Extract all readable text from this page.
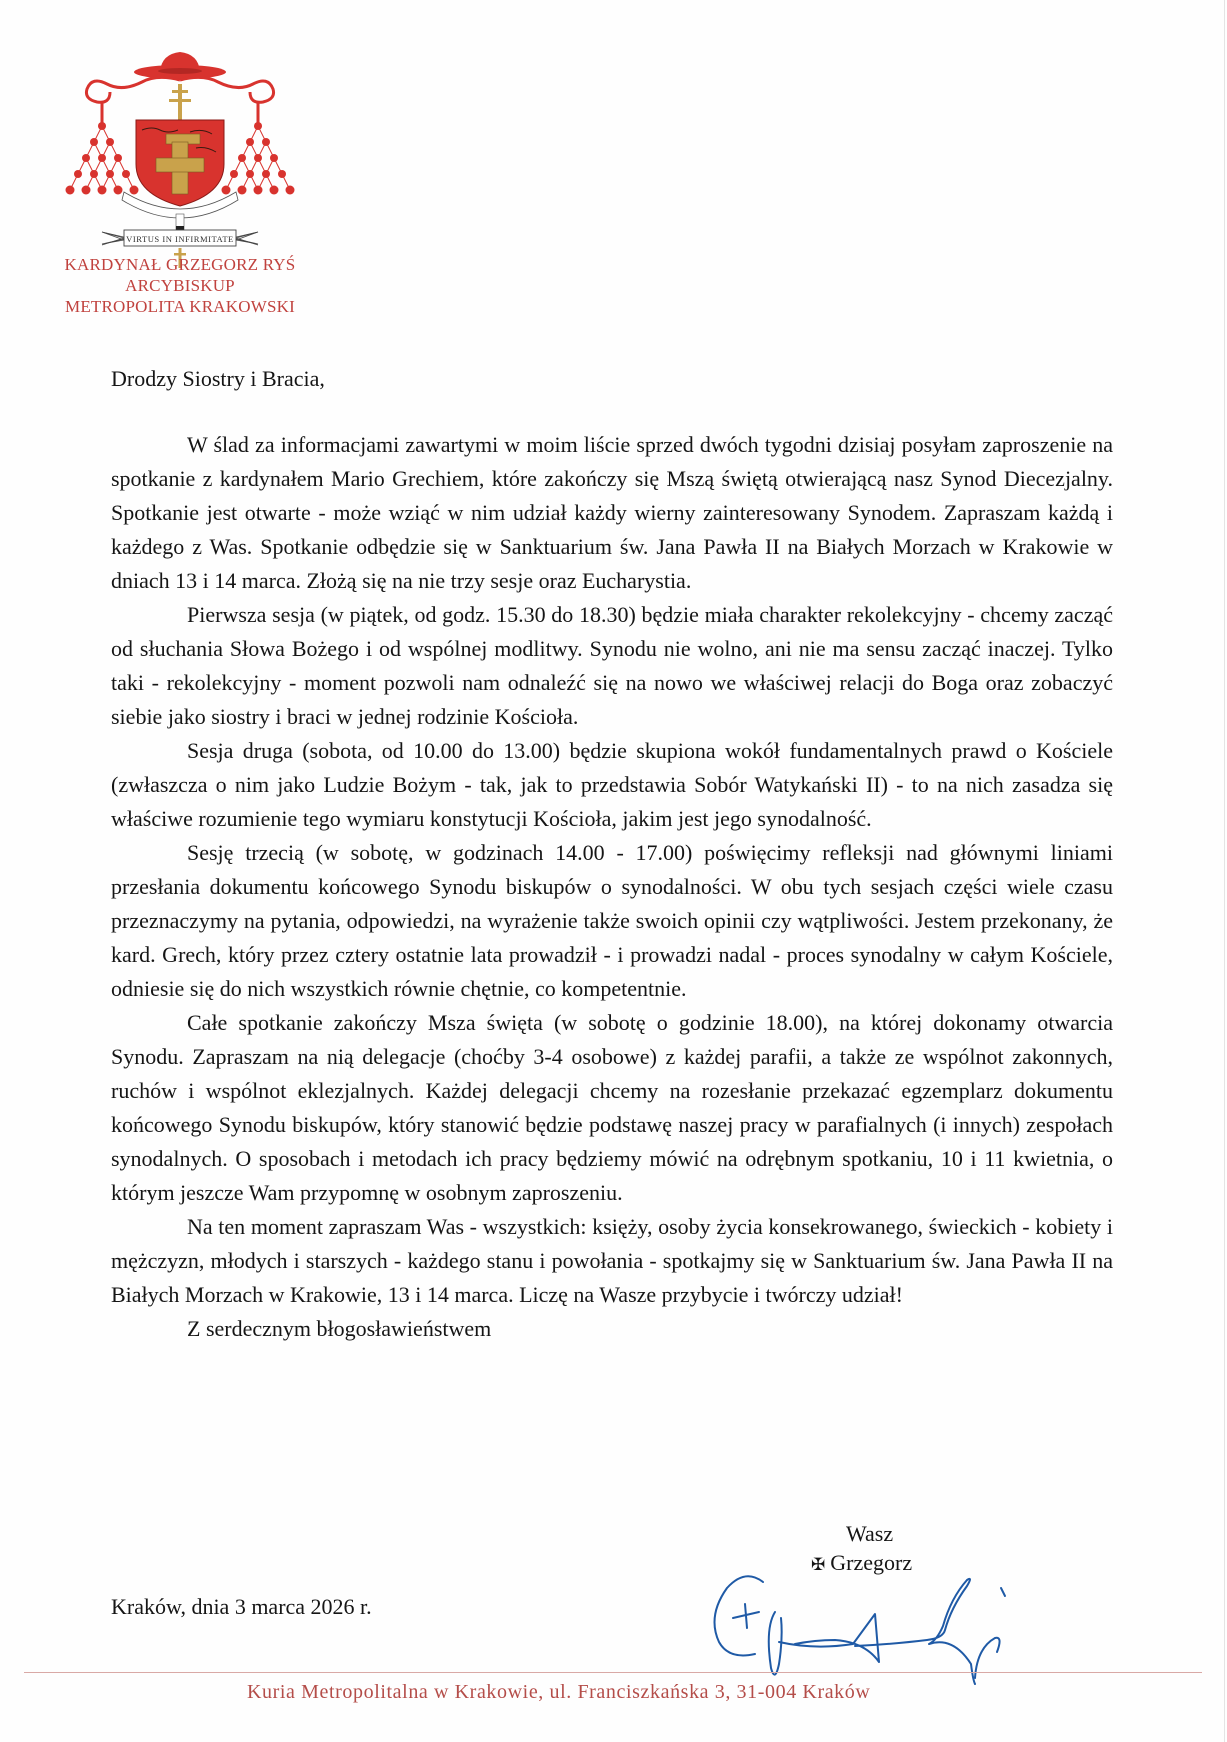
VIRTUS IN INFIRMITATE
KARDYNAŁ GRZEGORZ RYŚ
ARCYBISKUP
METROPOLITA KRAKOWSKI
Drodzy Siostry i Bracia,

W ślad za informacjami zawartymi w moim liście sprzed dwóch tygodni dzisiaj posyłam zaproszenie na spotkanie z kardynałem Mario Grechiem, które zakończy się Mszą świętą otwierającą nasz Synod Diecezjalny. Spotkanie jest otwarte - może wziąć w nim udział każdy wierny zainteresowany Synodem. Zapraszam każdą i każdego z Was. Spotkanie odbędzie się w Sanktuarium św. Jana Pawła II na Białych Morzach w Krakowie w dniach 13 i 14 marca. Złożą się na nie trzy sesje oraz Eucharystia.

Pierwsza sesja (w piątek, od godz. 15.30 do 18.30) będzie miała charakter rekolekcyjny - chcemy zacząć od słuchania Słowa Bożego i od wspólnej modlitwy. Synodu nie wolno, ani nie ma sensu zacząć inaczej. Tylko taki - rekolekcyjny - moment pozwoli nam odnaleźć się na nowo we właściwej relacji do Boga oraz zobaczyć siebie jako siostry i braci w jednej rodzinie Kościoła.

Sesja druga (sobota, od 10.00 do 13.00) będzie skupiona wokół fundamentalnych prawd o Kościele (zwłaszcza o nim jako Ludzie Bożym - tak, jak to przedstawia Sobór Watykański II) - to na nich zasadza się właściwe rozumienie tego wymiaru konstytucji Kościoła, jakim jest jego synodalność.

Sesję trzecią (w sobotę, w godzinach 14.00 - 17.00) poświęcimy refleksji nad głównymi liniami przesłania dokumentu końcowego Synodu biskupów o synodalności. W obu tych sesjach części wiele czasu przeznaczymy na pytania, odpowiedzi, na wyrażenie także swoich opinii czy wątpliwości. Jestem przekonany, że kard. Grech, który przez cztery ostatnie lata prowadził - i prowadzi nadal - proces synodalny w całym Kościele, odniesie się do nich wszystkich równie chętnie, co kompetentnie.

Całe spotkanie zakończy Msza święta (w sobotę o godzinie 18.00), na której dokonamy otwarcia Synodu. Zapraszam na nią delegacje (choćby 3-4 osobowe) z każdej parafii, a także ze wspólnot zakonnych, ruchów i wspólnot eklezjalnych. Każdej delegacji chcemy na rozesłanie przekazać egzemplarz dokumentu końcowego Synodu biskupów, który stanowić będzie podstawę naszej pracy w parafialnych (i innych) zespołach synodalnych. O sposobach i metodach ich pracy będziemy mówić na odrębnym spotkaniu, 10 i 11 kwietnia, o którym jeszcze Wam przypomnę w osobnym zaproszeniu.

Na ten moment zapraszam Was - wszystkich: księży, osoby życia konsekrowanego, świeckich - kobiety i mężczyzn, młodych i starszych - każdego stanu i powołania - spotkajmy się w Sanktuarium św. Jana Pawła II na Białych Morzach w Krakowie, 13 i 14 marca. Liczę na Wasze przybycie i twórczy udział!

Z serdecznym błogosławieństwem

Wasz
✠ Grzegorz
Kraków, dnia 3 marca 2026 r.
Kuria Metropolitalna w Krakowie, ul. Franciszkańska 3, 31-004 Kraków
